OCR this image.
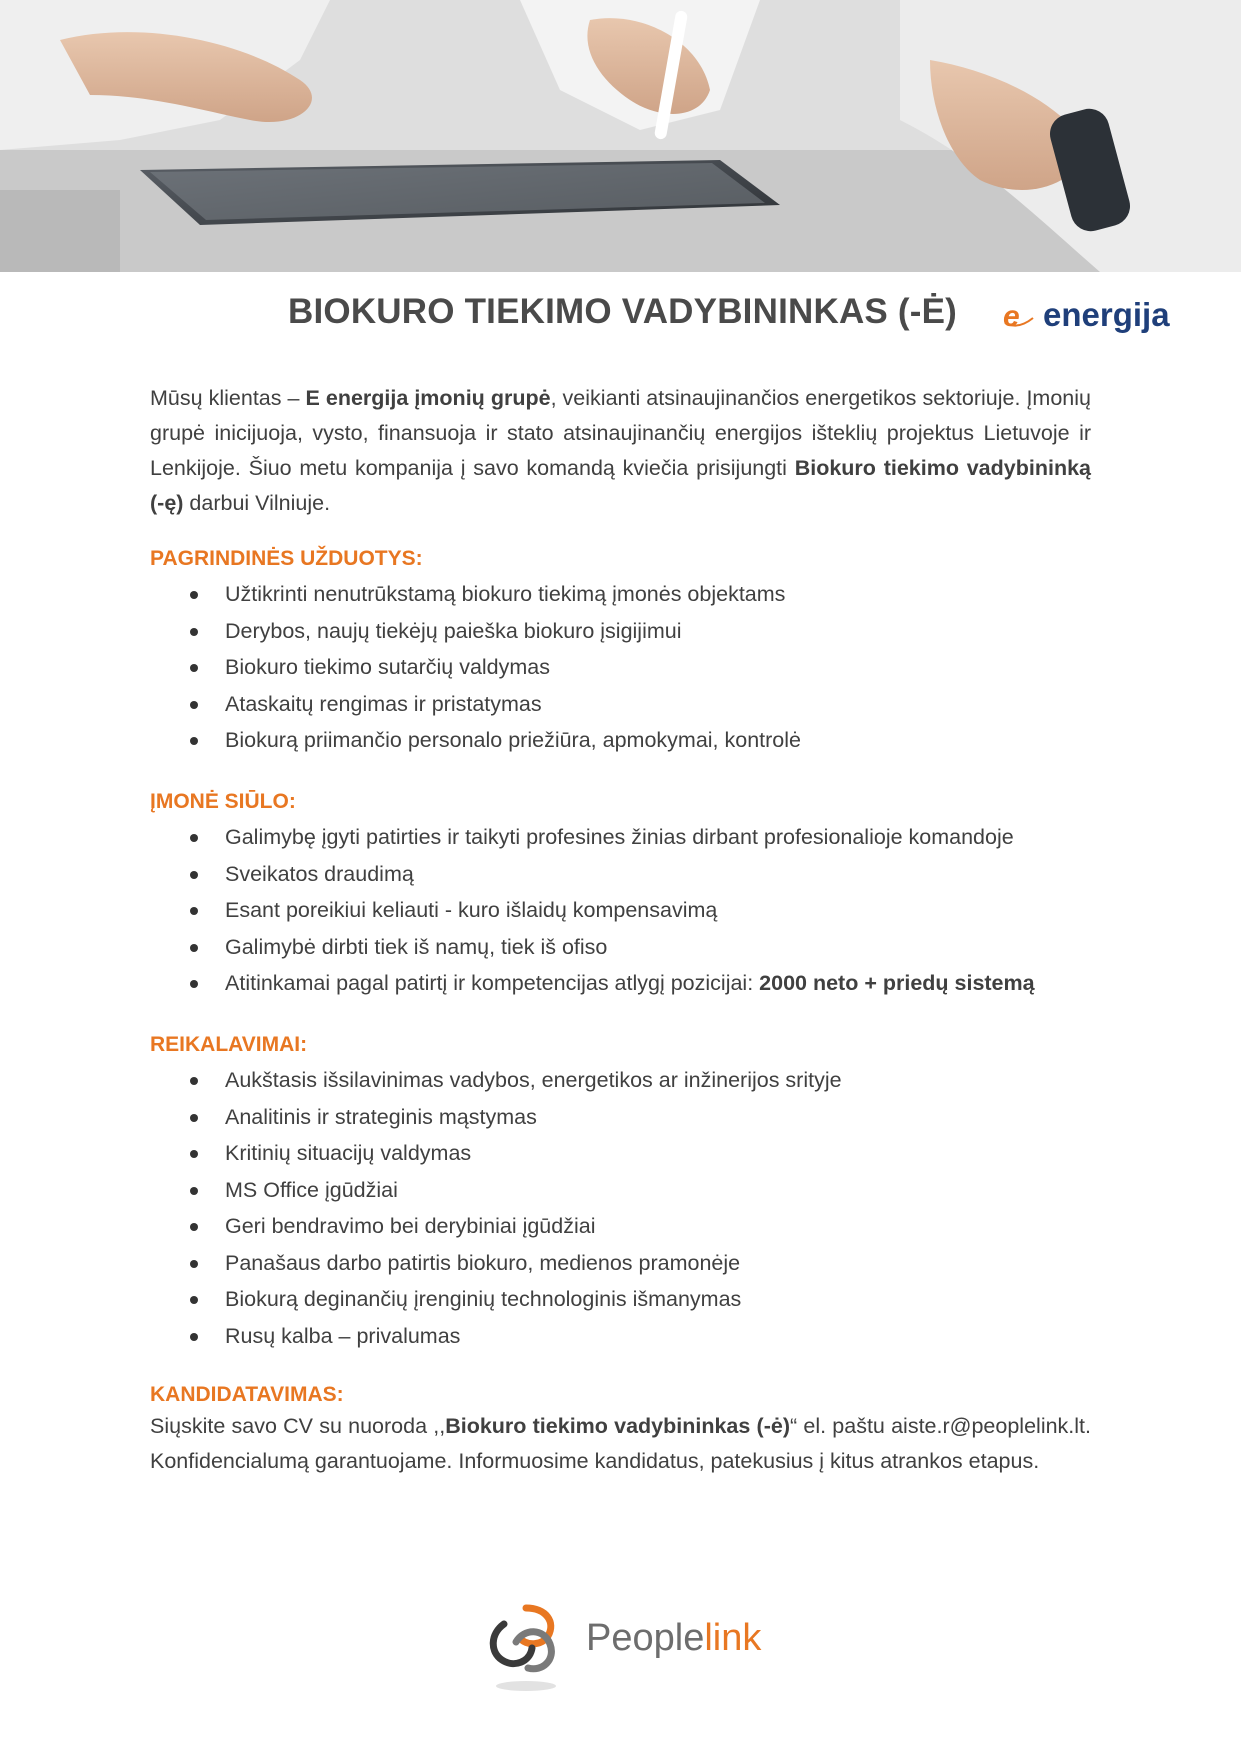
BIOKURO TIEKIMO VADYBININKAS (-Ė) e energija
Mūsų klientas – E energija įmonių grupė, veikianti atsinaujinančios energetikos sektoriuje. Įmonių grupė inicijuoja, vysto, finansuoja ir stato atsinaujinančių energijos išteklių projektus Lietuvoje ir Lenkijoje. Šiuo metu kompanija į savo komandą kviečia prisijungti Biokuro tiekimo vadybininką (-ę) darbui Vilniuje.
PAGRINDINĖS UŽDUOTYS:
Užtikrinti nenutrūkstamą biokuro tiekimą įmonės objektams
Derybos, naujų tiekėjų paieška biokuro įsigijimui
Biokuro tiekimo sutarčių valdymas
Ataskaitų rengimas ir pristatymas
Biokurą priimančio personalo priežiūra, apmokymai, kontrolė
ĮMONĖ SIŪLO:
Galimybę įgyti patirties ir taikyti profesines žinias dirbant profesionalioje komandoje
Sveikatos draudimą
Esant poreikiui keliauti - kuro išlaidų kompensavimą
Galimybė dirbti tiek iš namų, tiek iš ofiso
Atitinkamai pagal patirtį ir kompetencijas atlygį pozicijai: 2000 neto + priedų sistemą
REIKALAVIMAI:
Aukštasis išsilavinimas vadybos, energetikos ar inžinerijos srityje
Analitinis ir strateginis mąstymas
Kritinių situacijų valdymas
MS Office įgūdžiai
Geri bendravimo bei derybiniai įgūdžiai
Panašaus darbo patirtis biokuro, medienos pramonėje
Biokurą deginančių įrenginių technologinis išmanymas
Rusų kalba – privalumas
KANDIDATAVIMAS:
Siųskite savo CV su nuoroda ,,Biokuro tiekimo vadybininkas (-ė)“ el. paštu aiste.r@peoplelink.lt. Konfidencialumą garantuojame. Informuosime kandidatus, patekusius į kitus atrankos etapus.
Peoplelink
